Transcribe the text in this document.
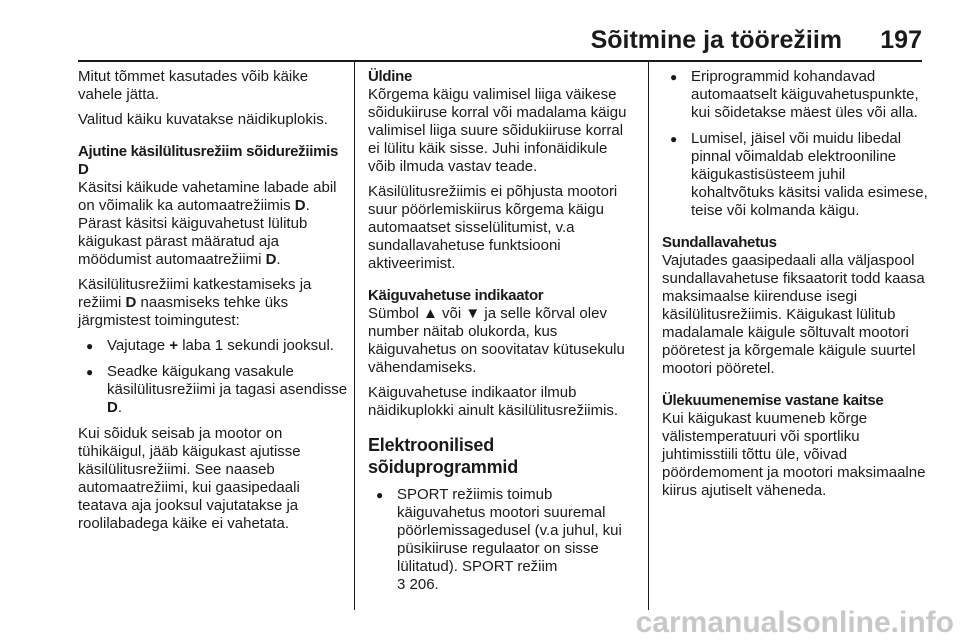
Sõitmine ja töörežiim 197

Mitut tõmmet kasutades võib käike vahele jätta.

Valitud käiku kuvatakse näidikuplokis.

Ajutine käsilülitusrežiim sõidurežiimis D

Käsitsi käikude vahetamine labade abil on võimalik ka automaatrežiimis D. Pärast käsitsi käiguvahetust lülitub käigukast pärast määratud aja möödumist automaatrežiimi D.

Käsilülitusrežiimi katkestamiseks ja režiimi D naasmiseks tehke üks järgmistest toimingutest:

● Vajutage + laba 1 sekundi jooksul.
● Seadke käigukang vasakule käsilülitusrežiimi ja tagasi asendisse D.

Kui sõiduk seisab ja mootor on tühikäigul, jääb käigukast ajutisse käsilülitusrežiimi. See naaseb automaatrežiimi, kui gaasipedaali teatava aja jooksul vajutatakse ja roolilabadega käike ei vahetata.

Üldine

Kõrgema käigu valimisel liiga väikese sõidukiiruse korral või madalama käigu valimisel liiga suure sõidukiiruse korral ei lülitu käik sisse. Juhi infonäidikule võib ilmuda vastav teade.

Käsilülitusrežiimis ei põhjusta mootori suur pöörlemiskiirus kõrgema käigu automaatset sisselülitumist, v.a sundallavahetuse funktsiooni aktiveerimist.

Käiguvahetuse indikaator

Sümbol ▲ või ▼ ja selle kõrval olev number näitab olukorda, kus käiguvahetus on soovitatav kütusekulu vähendamiseks.

Käiguvahetuse indikaator ilmub näidikuplokki ainult käsilülitusrežiimis.

Elektroonilised sõiduprogrammid
● SPORT režiimis toimub käiguvahetus mootori suuremal pöörlemissagedusel (v.a juhul, kui püsikiiruse regulaator on sisse lülitatud). SPORT režiim
3 206.
● Eriprogrammid kohandavad automaatselt käiguvahetuspunkte, kui sõidetakse mäest üles või alla.
● Lumisel, jäisel või muidu libedal pinnal võimaldab elektrooniline käigukastisüsteem juhil kohaltvõtuks käsitsi valida esimese, teise või kolmanda käigu.

Sundallavahetus

Vajutades gaasipedaali alla väljaspool sundallavahetuse fiksaatorit todd kaasa maksimaalse kiirenduse isegi käsilülitusrežiimis. Käigukast lülitub madalamale käigule sõltuvalt mootori pööretest ja kõrgemale käigule suurtel mootori pööretel.

Ülekuumenemise vastane kaitse

Kui käigukast kuumeneb kõrge välistemperatuuri või sportliku juhtimisstiili tõttu üle, võivad pöördemoment ja mootori maksimaalne kiirus ajutiselt väheneda.

carmanualsonline.info
